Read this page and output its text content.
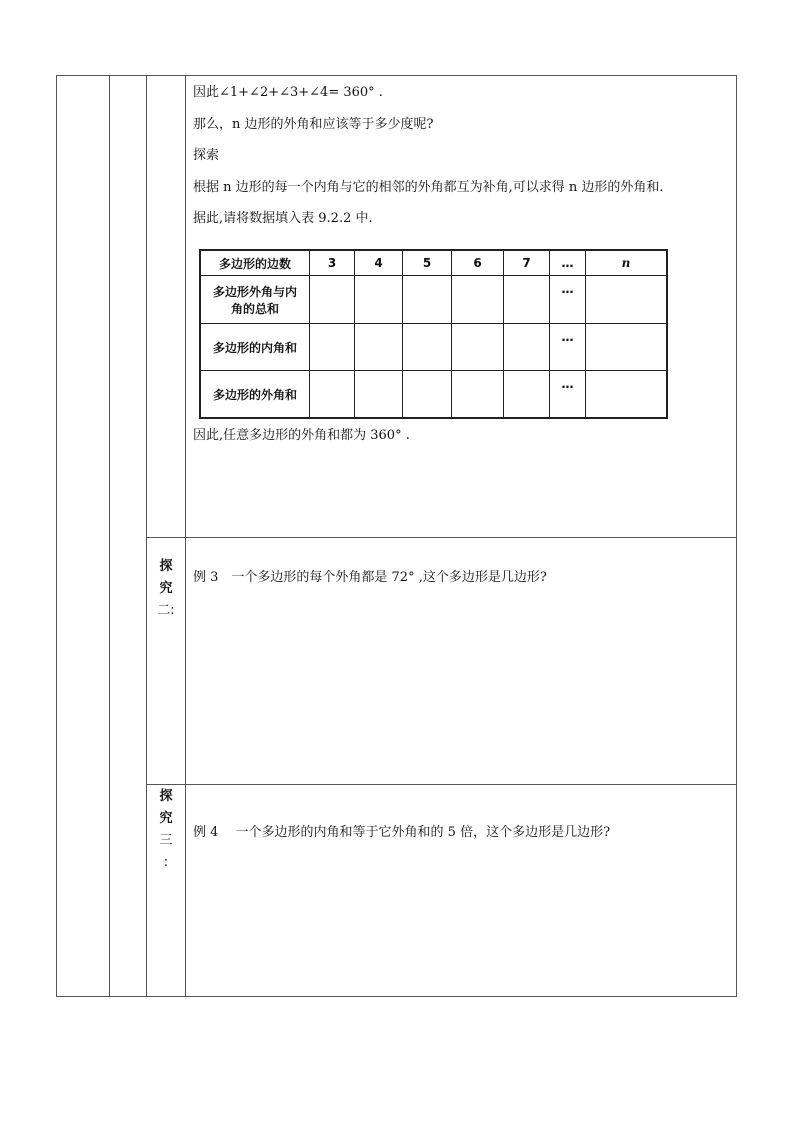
因此∠1+∠2+∠3+∠4= 360° .
那么，n 边形的外角和应该等于多少度呢?
探索
根据 n 边形的每一个内角与它的相邻的外角都互为补角,可以求得 n 边形的外角和.
据此,请将数据填入表 9.2.2 中.
多边形的边数	3	4	5	6	7	…	n

多边形外角与内
角的总和						…	
多边形的内角和						…	
多边形的外角和						…	
因此,任意多边形的外角和都为 360° .
探
究
二:
例 3　一个多边形的每个外角都是 72° ,这个多边形是几边形?
探
究
三
:
例 4　 一个多边形的内角和等于它外角和的 5 倍，这个多边形是几边形?
